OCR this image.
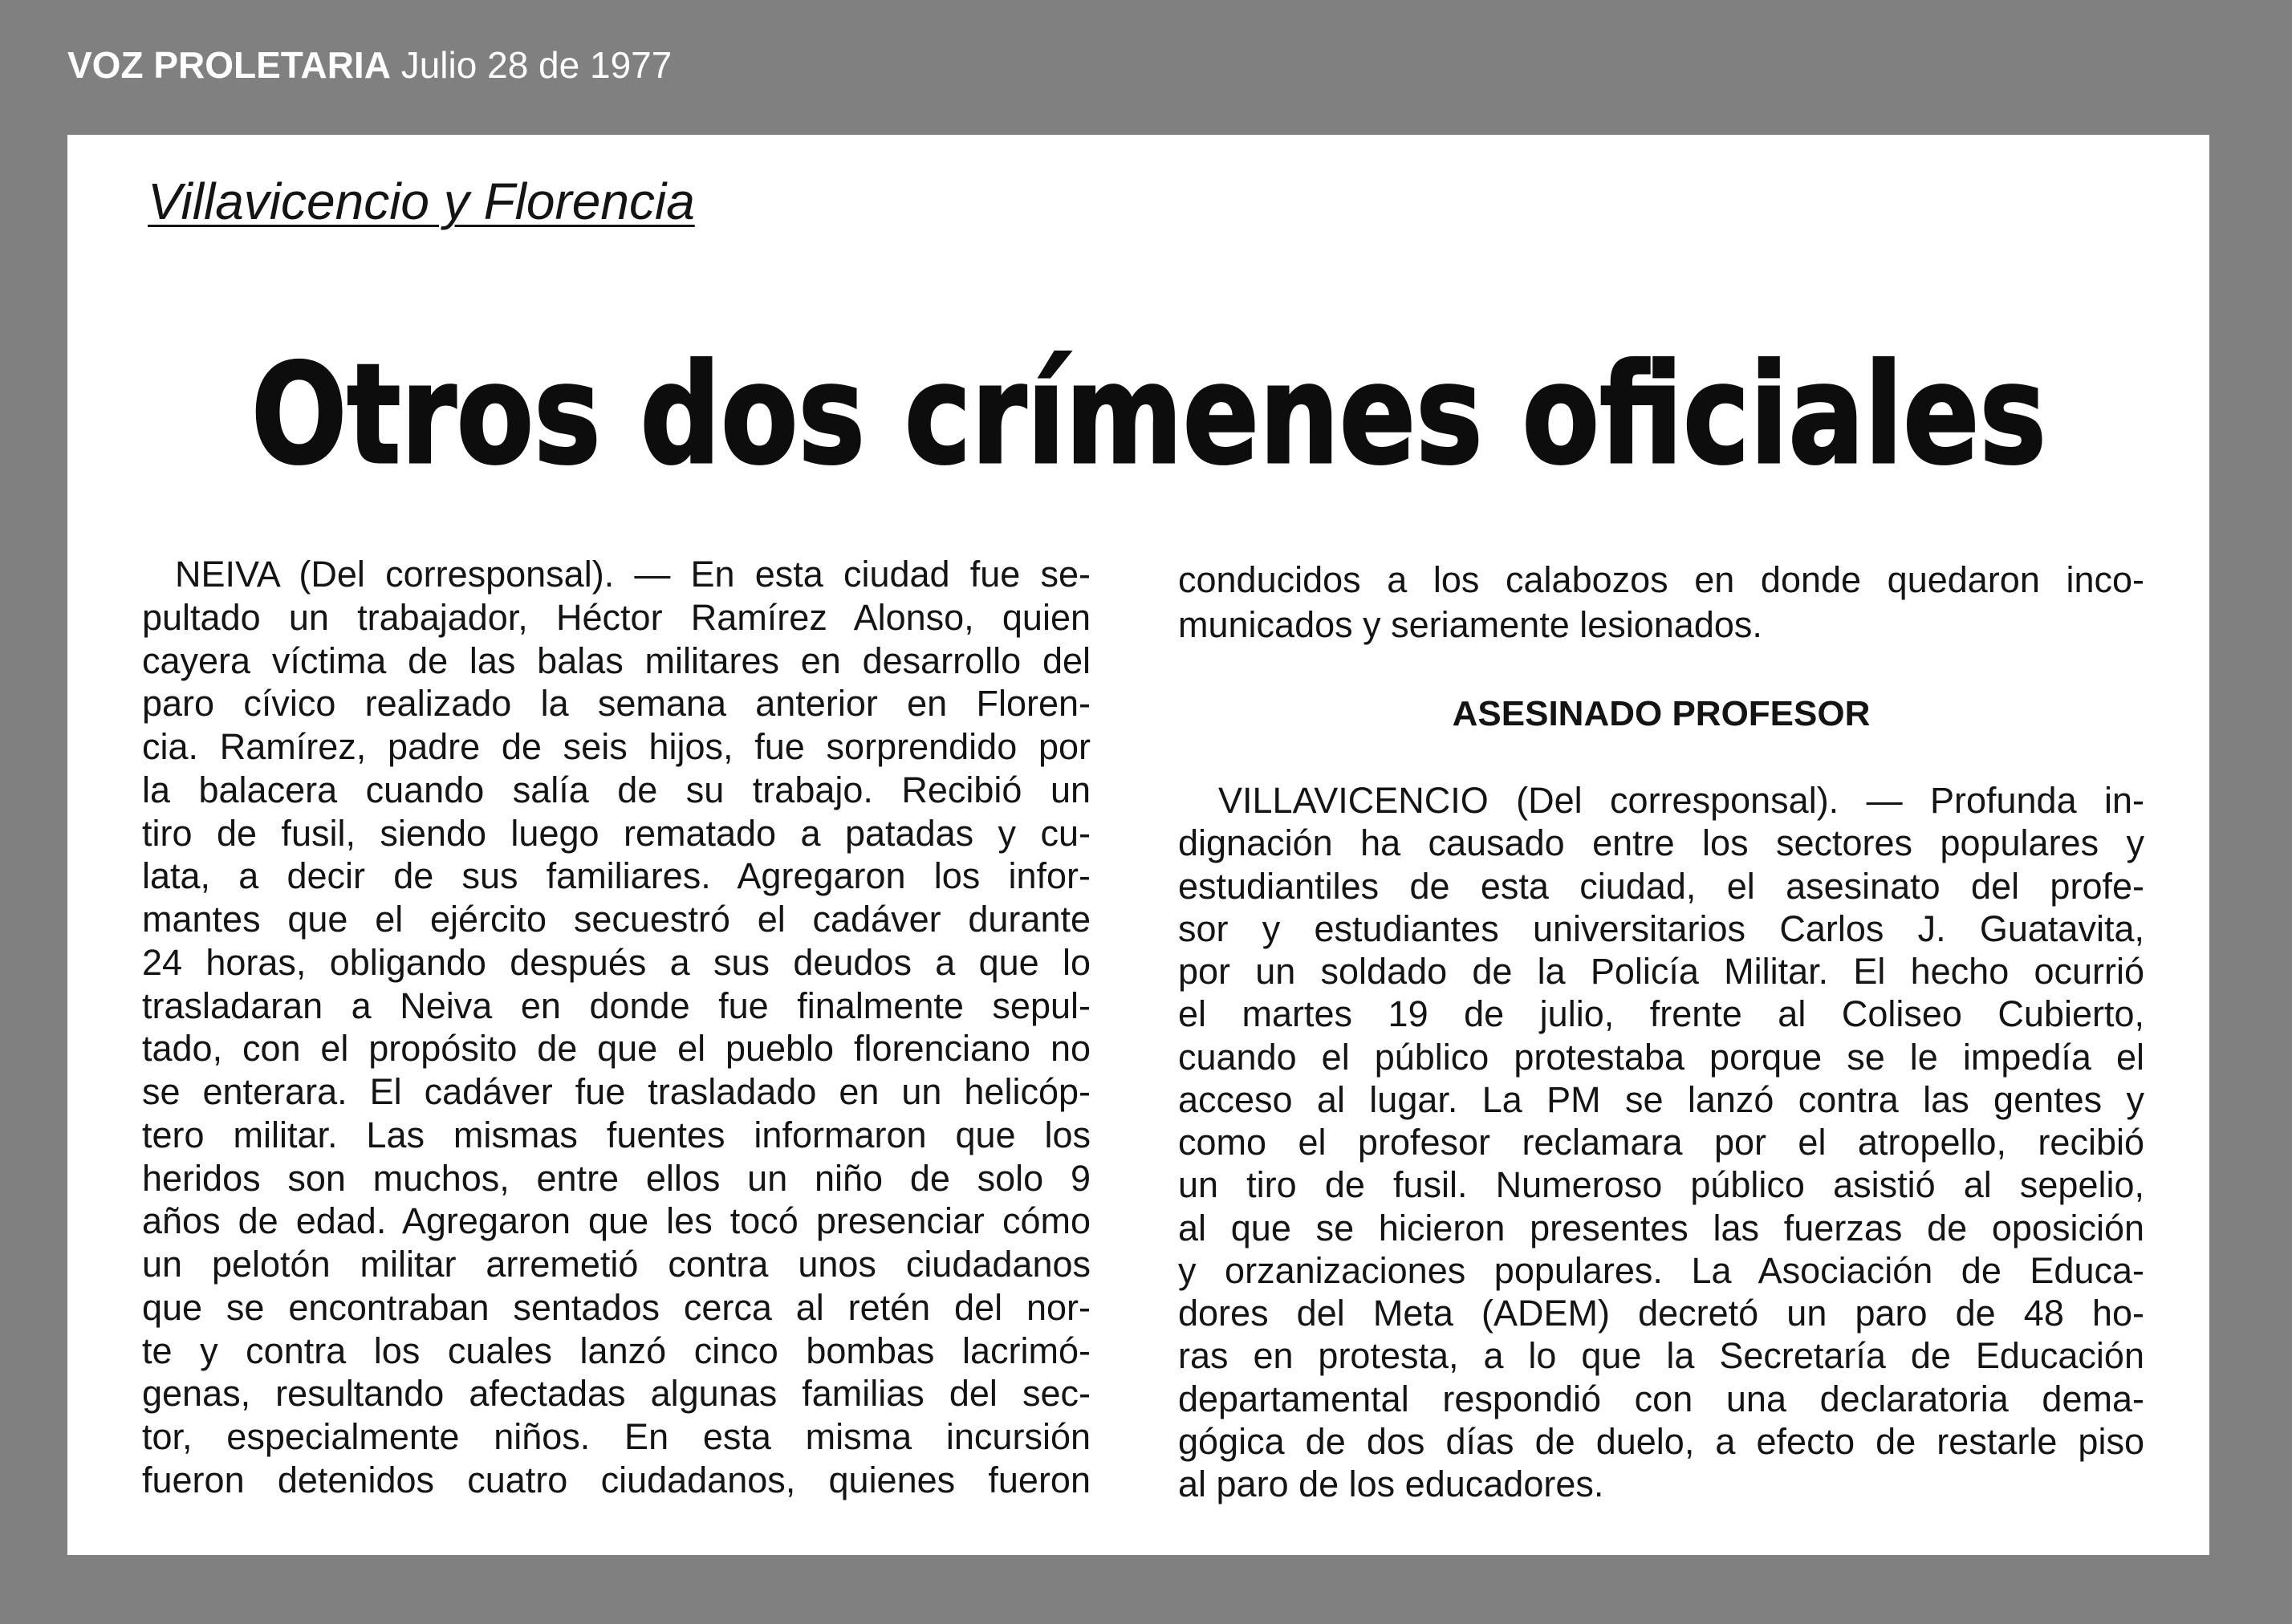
VOZ PROLETARIA Julio 28 de 1977
Villavicencio y Florencia
Otros dos crímenes oficiales
NEIVA (Del corresponsal). — En esta ciudad fue se-
pultado un trabajador, Héctor Ramírez Alonso, quien
cayera víctima de las balas militares en desarrollo del
paro cívico realizado la semana anterior en Floren-
cia. Ramírez, padre de seis hijos, fue sorprendido por
la balacera cuando salía de su trabajo. Recibió un
tiro de fusil, siendo luego rematado a patadas y cu-
lata, a decir de sus familiares. Agregaron los infor-
mantes que el ejército secuestró el cadáver durante
24 horas, obligando después a sus deudos a que lo
trasladaran a Neiva en donde fue finalmente sepul-
tado, con el propósito de que el pueblo florenciano no
se enterara. El cadáver fue trasladado en un helicóp-
tero militar. Las mismas fuentes informaron que los
heridos son muchos, entre ellos un niño de solo 9
años de edad. Agregaron que les tocó presenciar cómo
un pelotón militar arremetió contra unos ciudadanos
que se encontraban sentados cerca al retén del nor-
te y contra los cuales lanzó cinco bombas lacrimó-
genas, resultando afectadas algunas familias del sec-
tor, especialmente niños. En esta misma incursión
fueron detenidos cuatro ciudadanos, quienes fueron
conducidos a los calabozos en donde quedaron inco-
municados y seriamente lesionados.
ASESINADO PROFESOR
VILLAVICENCIO (Del corresponsal). — Profunda in-
dignación ha causado entre los sectores populares y
estudiantiles de esta ciudad, el asesinato del profe-
sor y estudiantes universitarios Carlos J. Guatavita,
por un soldado de la Policía Militar. El hecho ocurrió
el martes 19 de julio, frente al Coliseo Cubierto,
cuando el público protestaba porque se le impedía el
acceso al lugar. La PM se lanzó contra las gentes y
como el profesor reclamara por el atropello, recibió
un tiro de fusil. Numeroso público asistió al sepelio,
al que se hicieron presentes las fuerzas de oposición
y orzanizaciones populares. La Asociación de Educa-
dores del Meta (ADEM) decretó un paro de 48 ho-
ras en protesta, a lo que la Secretaría de Educación
departamental respondió con una declaratoria dema-
gógica de dos días de duelo, a efecto de restarle piso
al paro de los educadores.
